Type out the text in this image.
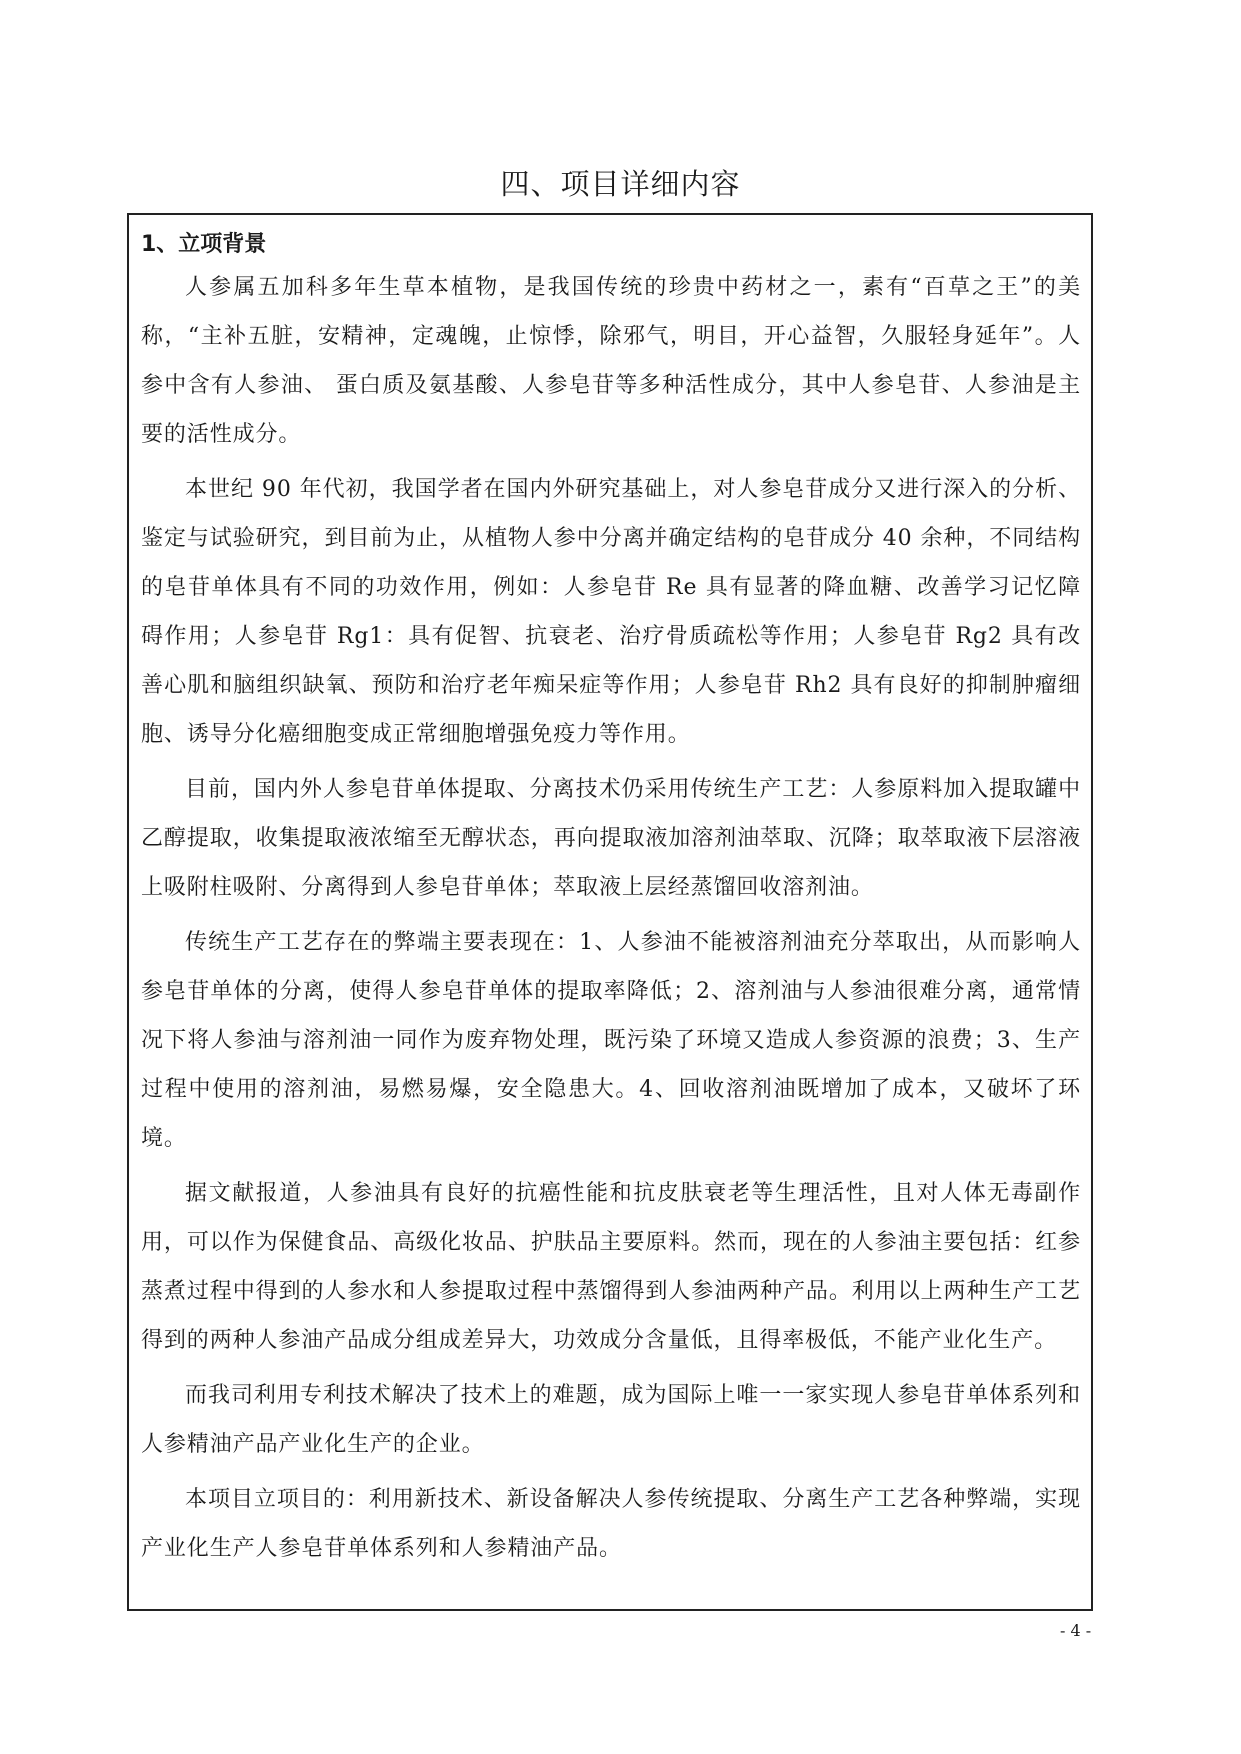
四、项目详细内容
1、立项背景

人参属五加科多年生草本植物，是我国传统的珍贵中药材之一，素有“百草之王”的美称，“主补五脏，安精神，定魂魄，止惊悸，除邪气，明目，开心益智，久服轻身延年”。人参中含有人参油、 蛋白质及氨基酸、人参皂苷等多种活性成分，其中人参皂苷、人参油是主要的活性成分。

本世纪 90 年代初，我国学者在国内外研究基础上，对人参皂苷成分又进行深入的分析、鉴定与试验研究，到目前为止，从植物人参中分离并确定结构的皂苷成分 40 余种，不同结构的皂苷单体具有不同的功效作用，例如：人参皂苷 Re 具有显著的降血糖、改善学习记忆障碍作用；人参皂苷 Rg1：具有促智、抗衰老、治疗骨质疏松等作用；人参皂苷 Rg2 具有改善心肌和脑组织缺氧、预防和治疗老年痴呆症等作用；人参皂苷 Rh2 具有良好的抑制肿瘤细胞、诱导分化癌细胞变成正常细胞增强免疫力等作用。

目前，国内外人参皂苷单体提取、分离技术仍采用传统生产工艺：人参原料加入提取罐中乙醇提取，收集提取液浓缩至无醇状态，再向提取液加溶剂油萃取、沉降；取萃取液下层溶液上吸附柱吸附、分离得到人参皂苷单体；萃取液上层经蒸馏回收溶剂油。

传统生产工艺存在的弊端主要表现在：1、人参油不能被溶剂油充分萃取出，从而影响人参皂苷单体的分离，使得人参皂苷单体的提取率降低；2、溶剂油与人参油很难分离，通常情况下将人参油与溶剂油一同作为废弃物处理，既污染了环境又造成人参资源的浪费；3、生产过程中使用的溶剂油，易燃易爆，安全隐患大。4、回收溶剂油既增加了成本，又破坏了环境。

据文献报道，人参油具有良好的抗癌性能和抗皮肤衰老等生理活性，且对人体无毒副作用，可以作为保健食品、高级化妆品、护肤品主要原料。然而，现在的人参油主要包括：红参蒸煮过程中得到的人参水和人参提取过程中蒸馏得到人参油两种产品。利用以上两种生产工艺得到的两种人参油产品成分组成差异大，功效成分含量低，且得率极低，不能产业化生产。

而我司利用专利技术解决了技术上的难题，成为国际上唯一一家实现人参皂苷单体系列和人参精油产品产业化生产的企业。

本项目立项目的：利用新技术、新设备解决人参传统提取、分离生产工艺各种弊端，实现产业化生产人参皂苷单体系列和人参精油产品。

- 4 -
